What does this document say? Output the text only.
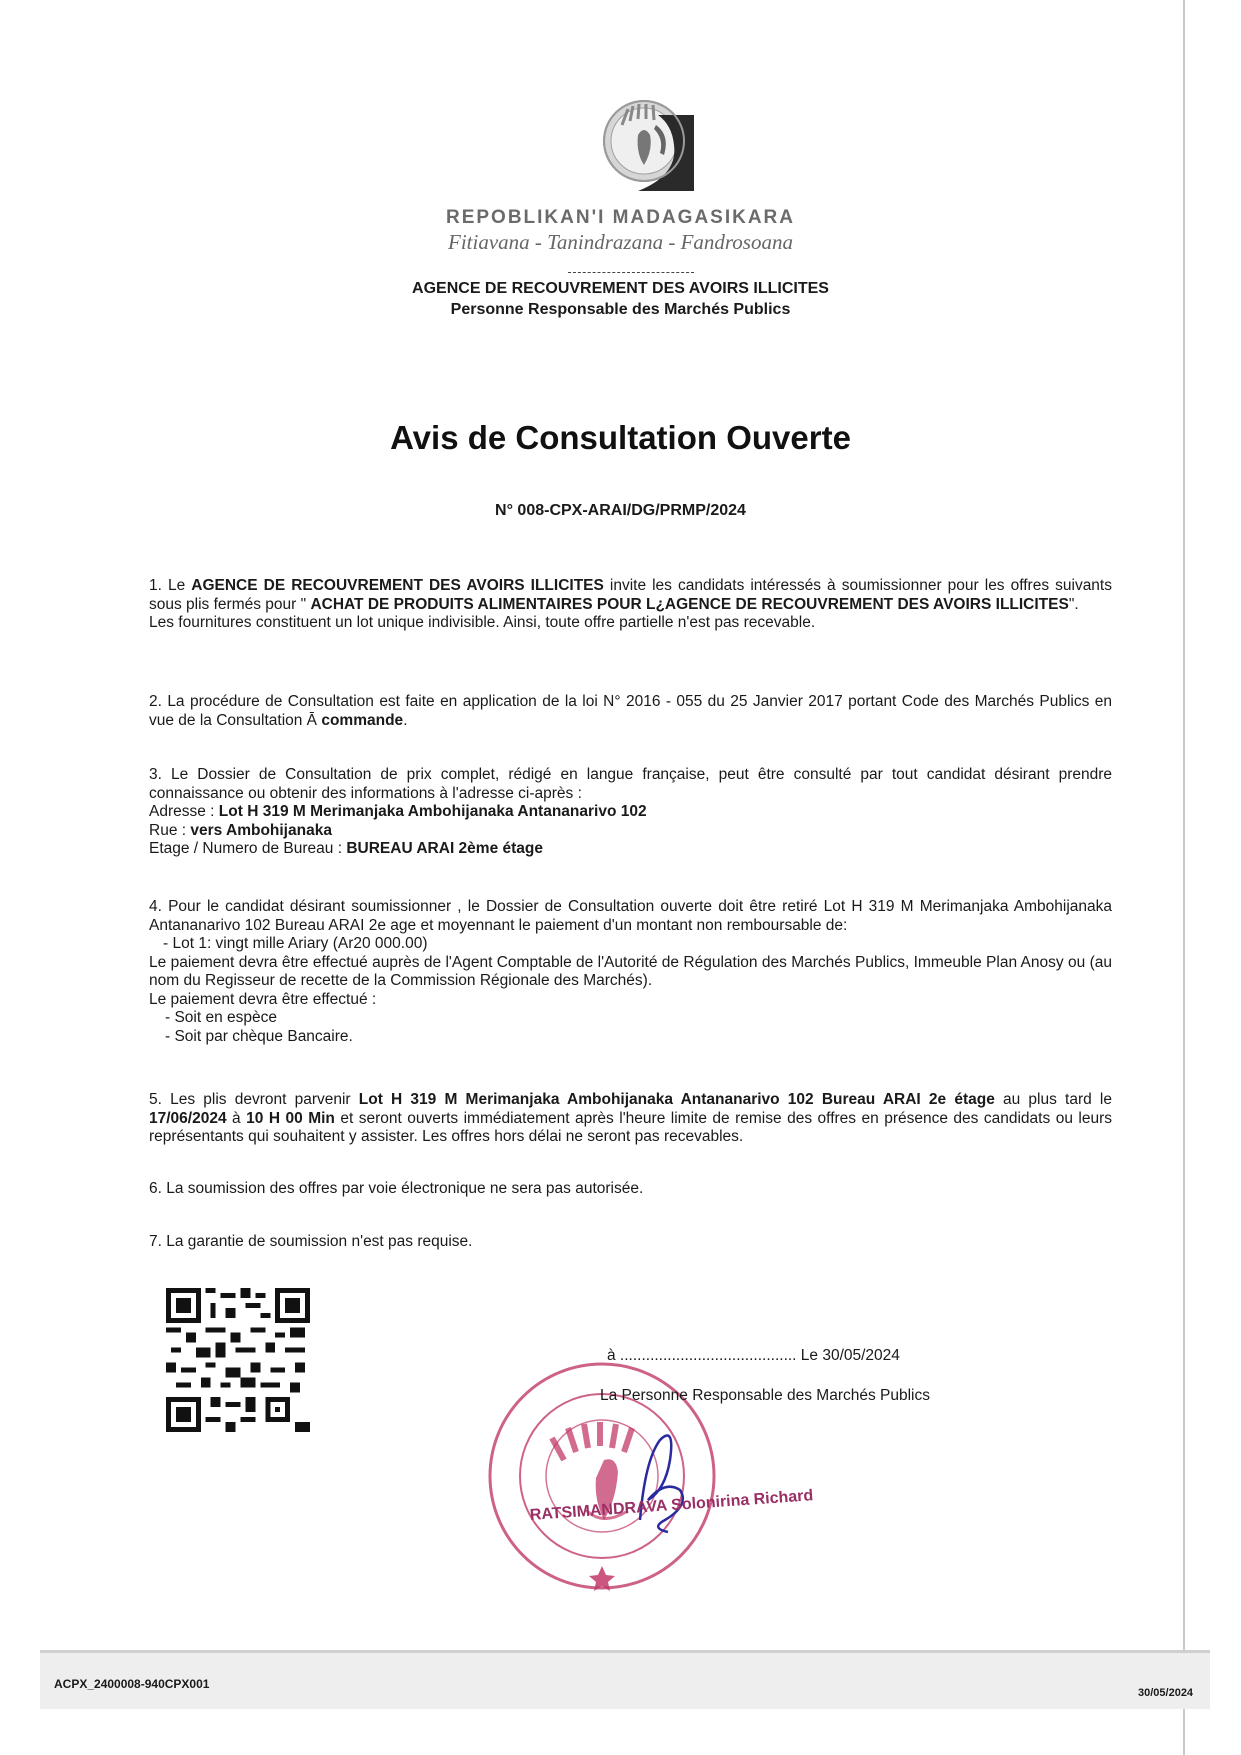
REPOBLIKAN'I MADAGASIKARA
Fitiavana - Tanindrazana - Fandrosoana
AGENCE DE RECOUVREMENT DES AVOIRS ILLICITES
Personne Responsable des Marchés Publics
Avis de Consultation Ouverte
N° 008-CPX-ARAI/DG/PRMP/2024

1. Le AGENCE DE RECOUVREMENT DES AVOIRS ILLICITES invite les candidats intéressés à soumissionner pour les offres suivants sous plis fermés pour " ACHAT DE PRODUITS ALIMENTAIRES POUR L¿AGENCE DE RECOUVREMENT DES AVOIRS ILLICITES".

Les fournitures constituent un lot unique indivisible. Ainsi, toute offre partielle n'est pas recevable.

2. La procédure de Consultation est faite en application de la loi N° 2016 - 055 du 25 Janvier 2017 portant Code des Marchés Publics en vue de la Consultation Ā commande.

3. Le Dossier de Consultation de prix complet, rédigé en langue française, peut être consulté par tout candidat désirant prendre connaissance ou obtenir des informations à l'adresse ci-après :

Adresse : Lot H 319 M Merimanjaka Ambohijanaka Antananarivo 102

Rue : vers Ambohijanaka

Etage / Numero de Bureau : BUREAU ARAI 2ème étage

4. Pour le candidat désirant soumissionner , le Dossier de Consultation ouverte doit être retiré Lot H 319 M Merimanjaka Ambohijanaka Antananarivo 102 Bureau ARAI 2e age et moyennant le paiement d'un montant non remboursable de:

- Lot 1: vingt mille Ariary (Ar20 000.00)

Le paiement devra être effectué auprès de l'Agent Comptable de l'Autorité de Régulation des Marchés Publics, Immeuble Plan Anosy ou (au nom du Regisseur de recette de la Commission Régionale des Marchés).

Le paiement devra être effectué :

- Soit en espèce

- Soit par chèque Bancaire.

5. Les plis devront parvenir Lot H 319 M Merimanjaka Ambohijanaka Antananarivo 102 Bureau ARAI 2e étage au plus tard le 17/06/2024 à 10 H 00 Min et seront ouverts immédiatement après l'heure limite de remise des offres en présence des candidats ou leurs représentants qui souhaitent y assister. Les offres hors délai ne seront pas recevables.

6. La soumission des offres par voie électronique ne sera pas autorisée.

7. La garantie de soumission n'est pas requise.

à ......................................... Le 30/05/2024
La Personne Responsable des Marchés Publics
RATSIMANDRAVA Solonirina Richard
ACPX_2400008-940CPX001
30/05/2024
